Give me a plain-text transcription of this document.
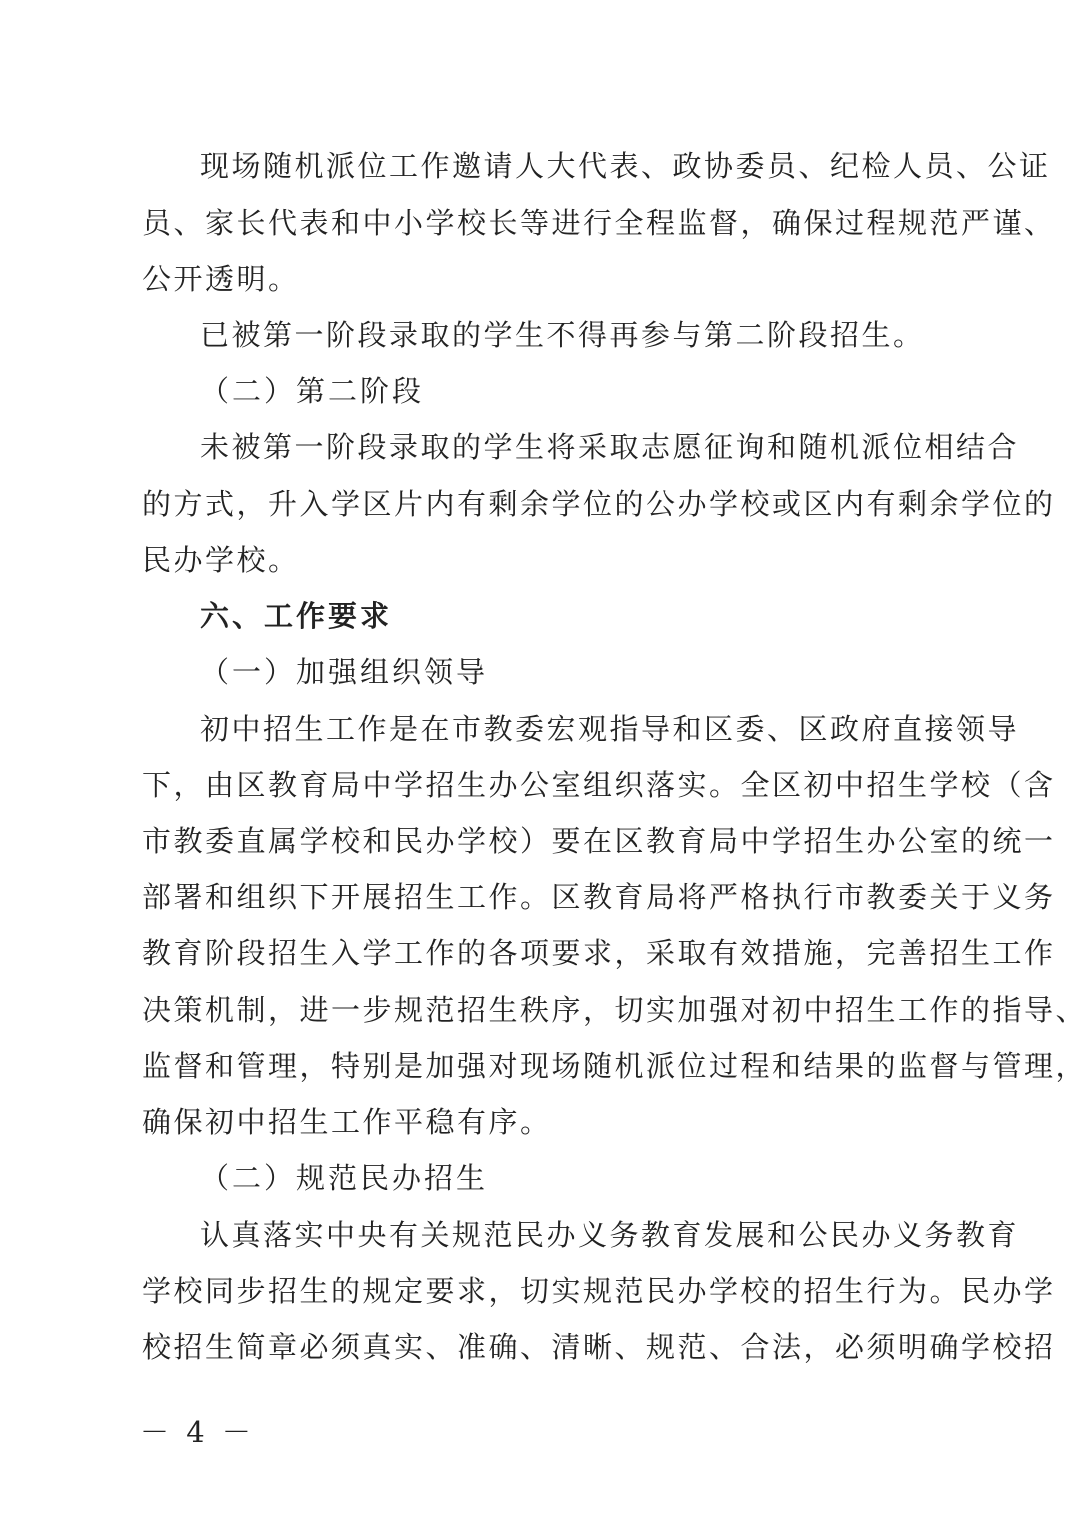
现场随机派位工作邀请人大代表、政协委员、纪检人员、公证
员、家长代表和中小学校长等进行全程监督，确保过程规范严谨、
公开透明。
已被第一阶段录取的学生不得再参与第二阶段招生。
（二）第二阶段
未被第一阶段录取的学生将采取志愿征询和随机派位相结合
的方式，升入学区片内有剩余学位的公办学校或区内有剩余学位的
民办学校。
六、工作要求
（一）加强组织领导
初中招生工作是在市教委宏观指导和区委、区政府直接领导
下，由区教育局中学招生办公室组织落实。全区初中招生学校（含
市教委直属学校和民办学校）要在区教育局中学招生办公室的统一
部署和组织下开展招生工作。区教育局将严格执行市教委关于义务
教育阶段招生入学工作的各项要求，采取有效措施，完善招生工作
决策机制，进一步规范招生秩序，切实加强对初中招生工作的指导、
监督和管理，特别是加强对现场随机派位过程和结果的监督与管理，
确保初中招生工作平稳有序。
（二）规范民办招生
认真落实中央有关规范民办义务教育发展和公民办义务教育
学校同步招生的规定要求，切实规范民办学校的招生行为。民办学
校招生简章必须真实、准确、清晰、规范、合法，必须明确学校招
－ 4 －
